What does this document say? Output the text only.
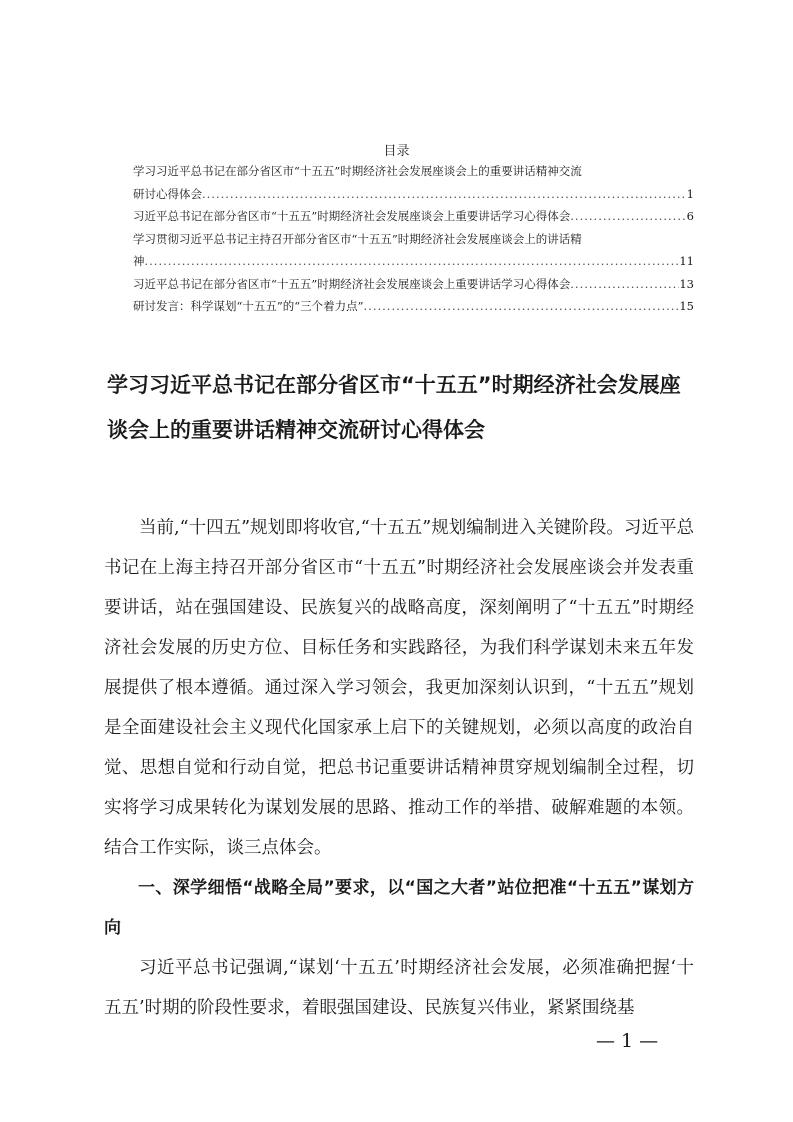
目录
学习习近平总书记在部分省区市“十五五”时期经济社会发展座谈会上的重要讲话精神交流
研讨心得体会 .....	1
习近平总书记在部分省区市“十五五”时期经济社会发展座谈会上重要讲话学习心得体会 .....	6
学习贯彻习近平总书记主持召开部分省区市“十五五”时期经济社会发展座谈会上的讲话精
神 .....	11
习近平总书记在部分省区市“十五五”时期经济社会发展座谈会上重要讲话学习心得体会 .....	13
研讨发言：科学谋划“十五五”的“三个着力点” .....	15
学习习近平总书记在部分省区市“十五五”时期经济社会发展座谈会上的重要讲话精神交流研讨心得体会

当前,“十四五”规划即将收官,“十五五”规划编制进入关键阶段。习近平总书记在上海主持召开部分省区市“十五五”时期经济社会发展座谈会并发表重要讲话，站在强国建设、民族复兴的战略高度，深刻阐明了“十五五”时期经济社会发展的历史方位、目标任务和实践路径，为我们科学谋划未来五年发展提供了根本遵循。通过深入学习领会，我更加深刻认识到，“十五五”规划是全面建设社会主义现代化国家承上启下的关键规划，必须以高度的政治自觉、思想自觉和行动自觉，把总书记重要讲话精神贯穿规划编制全过程，切实将学习成果转化为谋划发展的思路、推动工作的举措、破解难题的本领。结合工作实际，谈三点体会。

一、深学细悟“战略全局”要求，以“国之大者”站位把准“十五五”谋划方向

习近平总书记强调,“谋划‘十五五’时期经济社会发展，必须准确把握‘十五五’时期的阶段性要求，着眼强国建设、民族复兴伟业，紧紧围绕基

— 1 —
